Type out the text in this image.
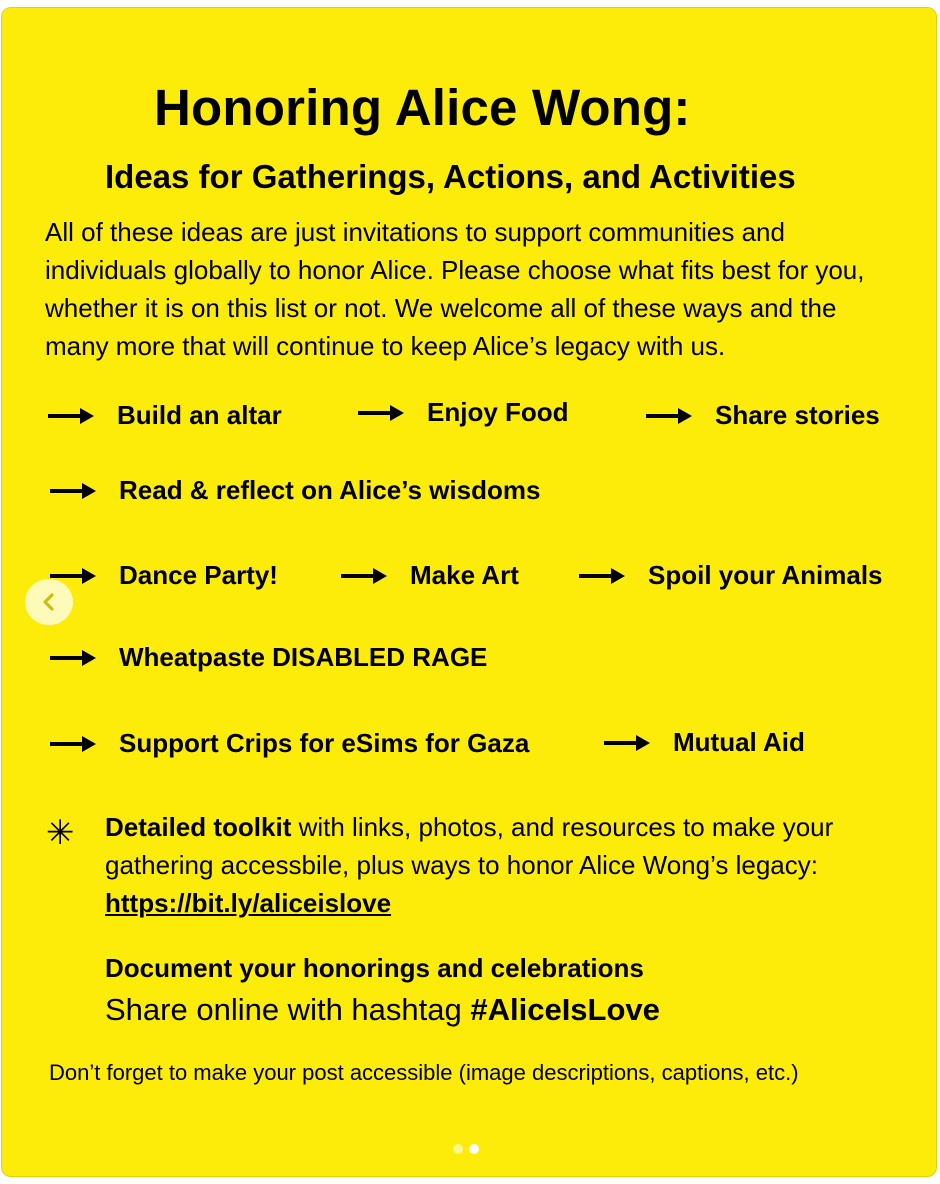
Honoring Alice Wong:
Ideas for Gatherings, Actions, and Activities
All of these ideas are just invitations to support communities and individuals globally to honor Alice. Please choose what fits best for you, whether it is on this list or not. We welcome all of these ways and the many more that will continue to keep Alice’s legacy with us.
Build an altar	Enjoy Food	Share stories
Read & reflect on Alice’s wisdoms
Dance Party!	Make Art	Spoil your Animals
Wheatpaste DISABLED RAGE
Support Crips for eSims for Gaza	Mutual Aid
✳ Detailed toolkit with links, photos, and resources to make your gathering accessbile, plus ways to honor Alice Wong’s legacy:
https://bit.ly/aliceislove
Document your honorings and celebrations
Share online with hashtag #AliceIsLove
Don’t forget to make your post accessible (image descriptions, captions, etc.)
